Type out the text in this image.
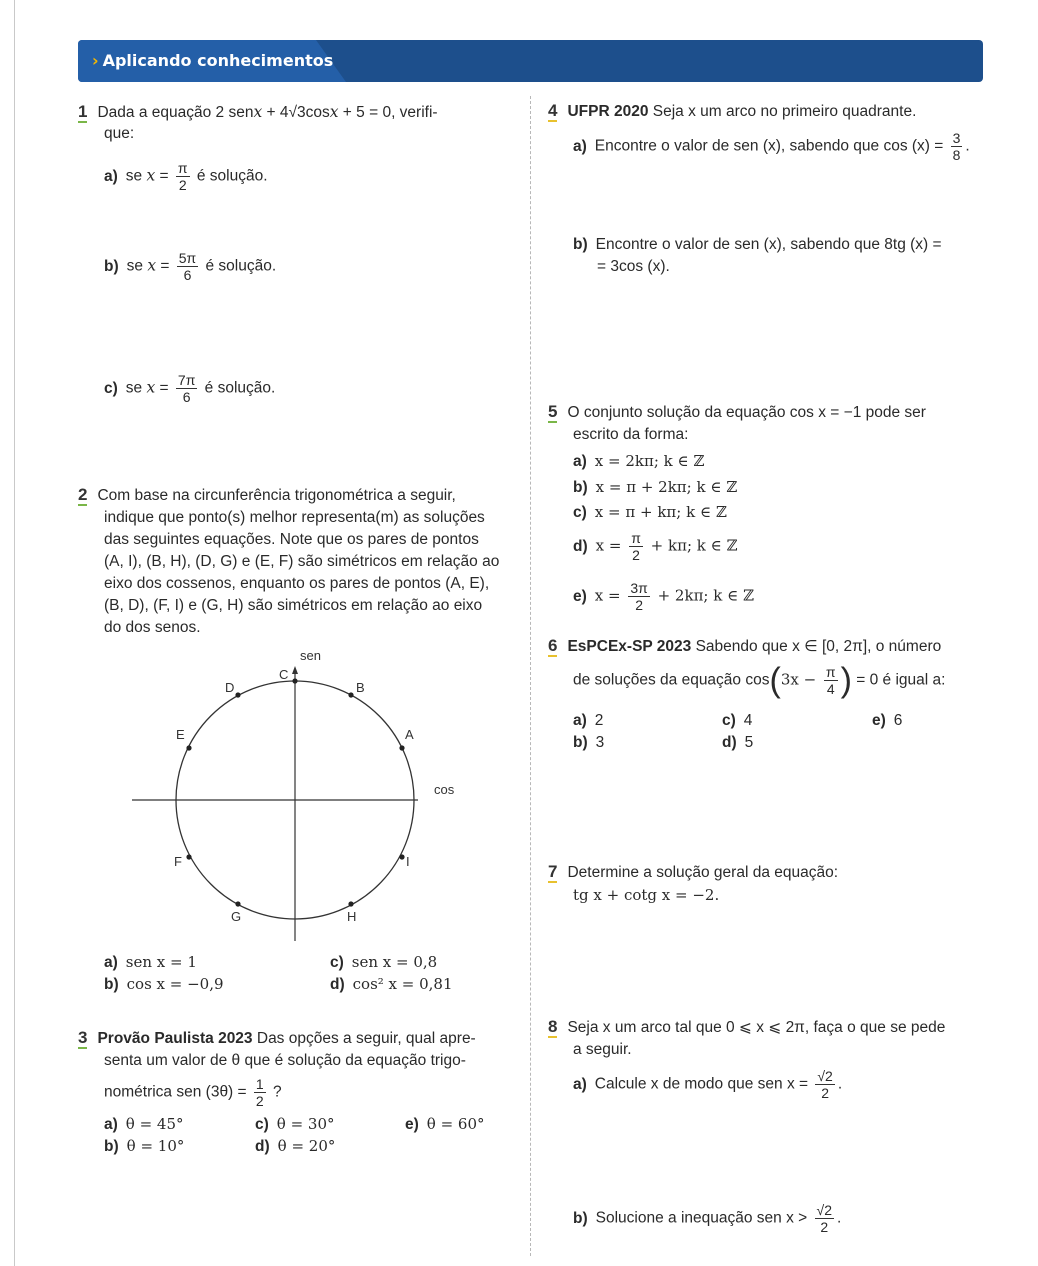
› Aplicando conhecimentos
1 Dada a equação 2 senx + 4√3cosx + 5 = 0, verifi-
que:
a) se $x = \frac{\pi}{2}$ é solução.
b) se $x = \frac{5\pi}{6}$ é solução.
c) se $x = \frac{7\pi}{6}$ é solução.
2 Com base na circunferência trigonométrica a seguir,
indique que ponto(s) melhor representa(m) as soluções
das seguintes equações. Note que os pares de pontos
(A, I), (B, H), (D, G) e (E, F) são simétricos em relação ao
eixo dos cossenos, enquanto os pares de pontos (A, E),
(B, D), (F, I) e (G, H) são simétricos em relação ao eixo
do dos senos.
sen
cos
A
B
C
D
E
F
G	H
I
a) sen x = 1
b) cos x = −0,9
c) sen x = 0,8
d) cos² x = 0,81
3 Provão Paulista 2023 Das opções a seguir, qual apre-
senta um valor de θ que é solução da equação trigo-
nométrica sen $(3\theta) = \frac{1}{2}$ ?
a) θ = 45°
b) θ = 10°
c) θ = 30°
d) θ = 20°
e) θ = 60°
4 UFPR 2020 Seja x um arco no primeiro quadrante.
a) Encontre o valor de sen (x), sabendo que $\cos (x) = \frac{3}{8}$ .
b) Encontre o valor de sen (x), sabendo que 8tg (x) =
= 3cos (x).
5 O conjunto solução da equação cos x = −1 pode ser
escrito da forma:
a) x = 2kπ; k ∈ ℤ
b) x = π + 2kπ; k ∈ ℤ
c) x = π + kπ; k ∈ ℤ
d) $x = \frac{\pi}{2} + k\pi$; k ∈ ℤ
e) $x = \frac{3\pi}{2} + 2k\pi$; k ∈ ℤ
6 EsPCEx-SP 2023 Sabendo que x ∈ [0, 2π], o número
de soluções da equação $\cos(3x - \frac{\pi}{4}$ ) = 0 é igual a:
a) 2
b) 3
c) 4
d) 5
e) 6
7 Determine a solução geral da equação:
tg x + cotg x = −2.
8 Seja x um arco tal que 0 ⩽ x ⩽ 2π, faça o que se pede
a seguir.
a) Calcule x de modo que sen $x = \frac{√2}{2}$ .
b) Solucione a inequação sen $x > \frac{√2}{2}$ .
